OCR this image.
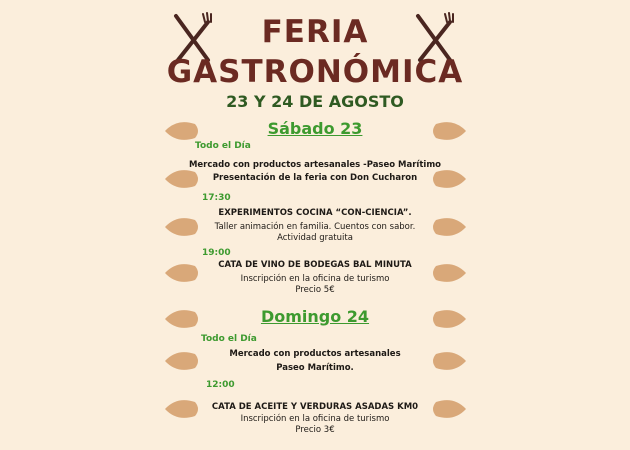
FERIA
GASTRONÓMICA
23 Y 24 DE AGOSTO
Sábado 23
Todo el Día
Mercado con productos artesanales -Paseo Marítimo
Presentación de la feria con Don Cucharon
17:30
EXPERIMENTOS COCINA “CON-CIENCIA”.
Taller animación en familia. Cuentos con sabor.
Actividad gratuita
19:00
CATA DE VINO DE BODEGAS BAL MINUTA
Inscripción en la oficina de turismo
Precio 5€
Domingo 24
Todo el Día
Mercado con productos artesanales
Paseo Marítimo.
12:00
CATA DE ACEITE Y VERDURAS ASADAS KM0
Inscripción en la oficina de turismo
Precio 3€
